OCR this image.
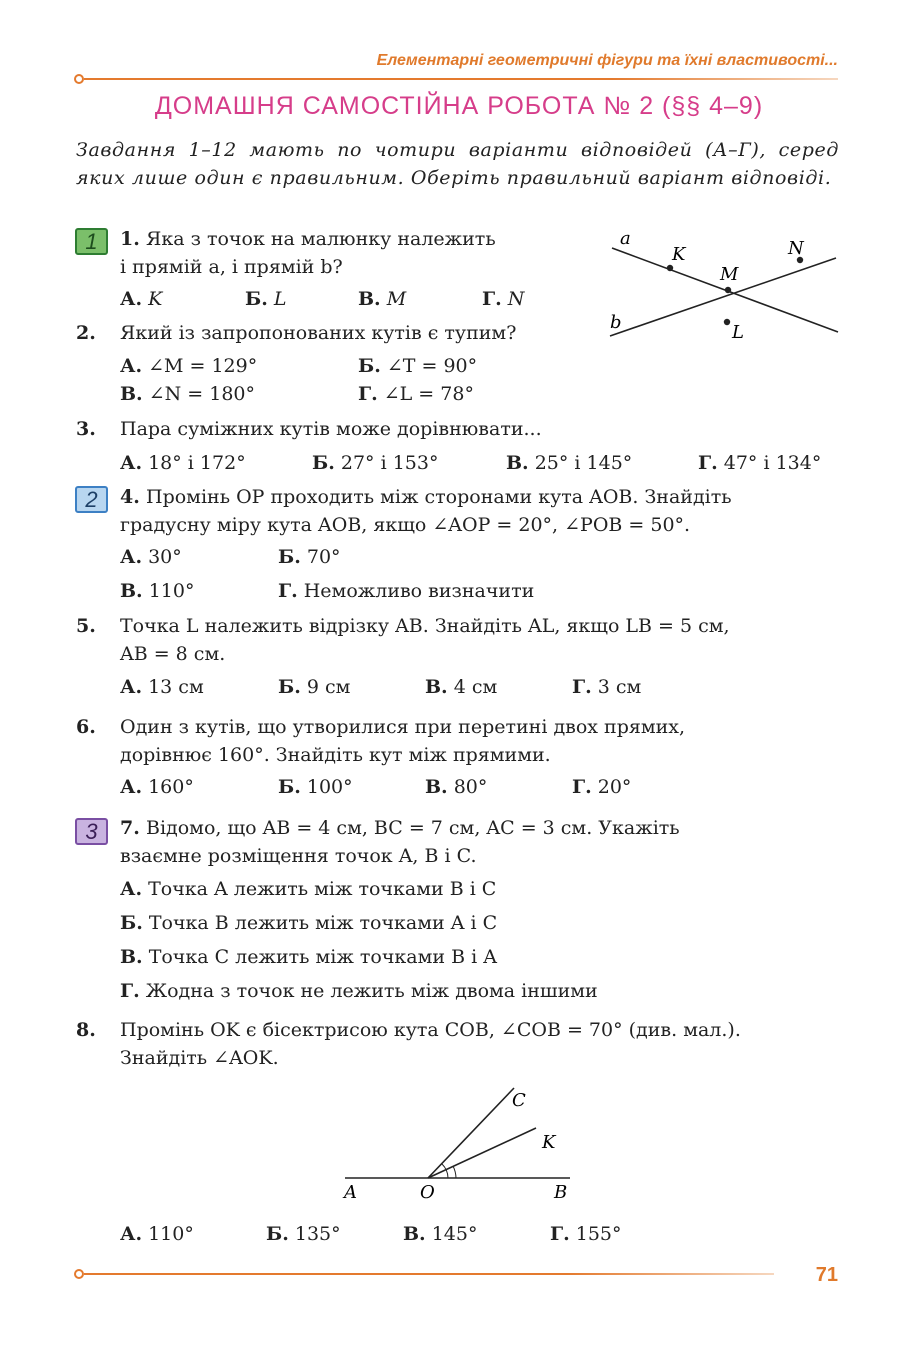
Елементарні геометричні фігури та їхні властивості...
ДОМАШНЯ САМОСТІЙНА РОБОТА № 2 (§§ 4–9)
Завдання 1–12 мають по чотири варіанти відповідей (А–Г), серед яких лише один є правильним. Оберіть правильний варіант відповіді.
1
2
3
1. Яка з точок на малюнку належить
і прямій a, і прямій b?
А. K	Б. L	В. M	Г. N
a
b
K
M
N
L
2. Який із запропонованих кутів є тупим?
А. ∠M = 129°	Б. ∠T = 90°
В. ∠N = 180°	Г. ∠L = 78°
3. Пара суміжних кутів може дорівнювати...
А. 18° і 172°	Б. 27° і 153°	В. 25° і 145°	Г. 47° і 134°
4. Промінь OP проходить між сторонами кута AOB. Знайдіть
градусну міру кута AOB, якщо ∠AOP = 20°, ∠POB = 50°.
А. 30°	Б. 70°
В. 110°	Г. Неможливо визначити
5. Точка L належить відрізку AB. Знайдіть AL, якщо LB = 5 см,
AB = 8 см.
А. 13 см	Б. 9 см	В. 4 см	Г. 3 см
6. Один з кутів, що утворилися при перетині двох прямих,
дорівнює 160°. Знайдіть кут між прямими.
А. 160°	Б. 100°	В. 80°	Г. 20°
7. Відомо, що AB = 4 см, BC = 7 см, AC = 3 см. Укажіть
взаємне розміщення точок A, B і C.
А. Точка A лежить між точками B і C
Б. Точка B лежить між точками A і C
В. Точка C лежить між точками B і A
Г. Жодна з точок не лежить між двома іншими
8. Промінь OK є бісектрисою кута COB, ∠COB = 70° (див. мал.).
Знайдіть ∠AOK.
C
K
A	O	B
А. 110°	Б. 135°	В. 145°	Г. 155°
71
